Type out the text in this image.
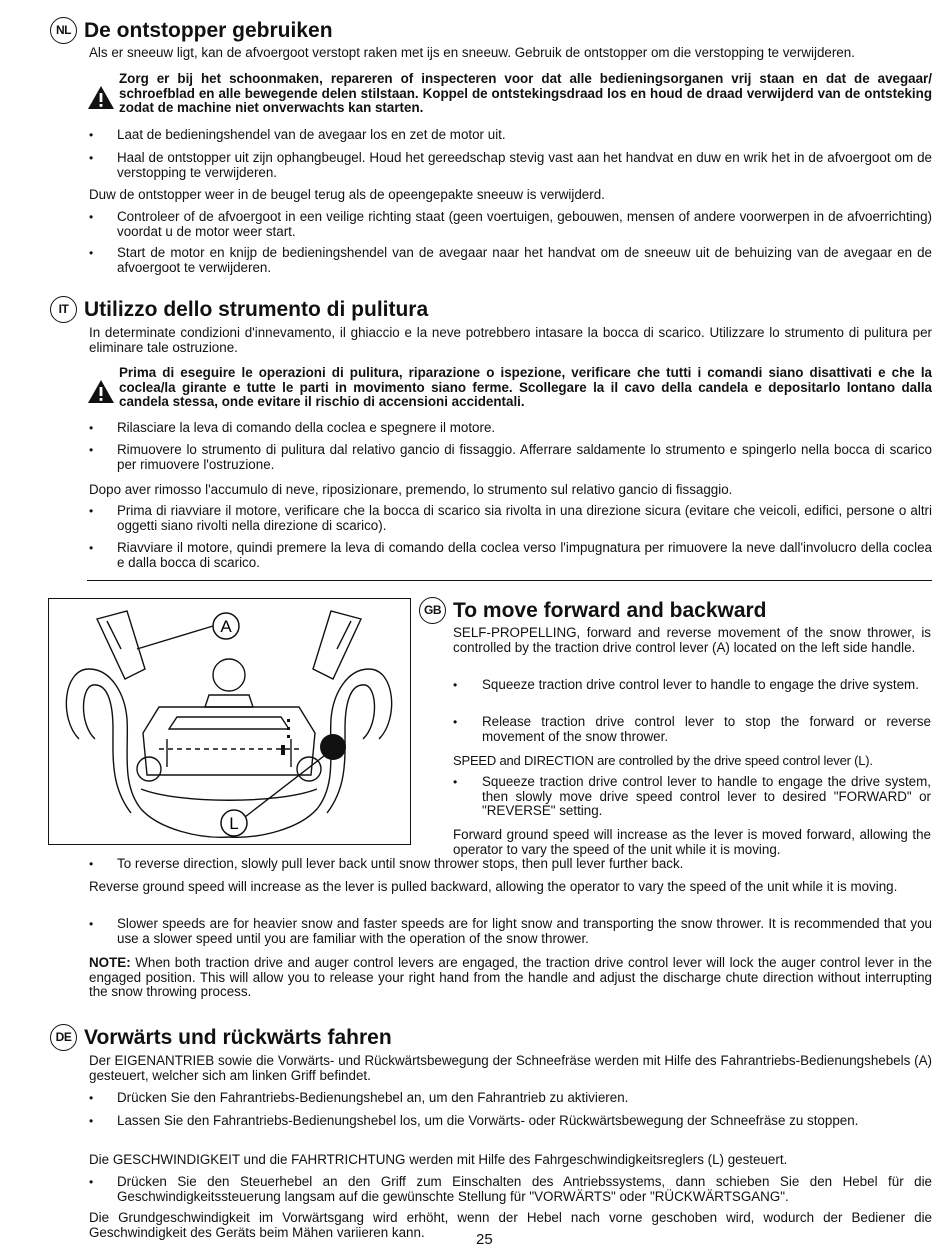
NL De ontstopper gebruiken
Als er sneeuw ligt, kan de afvoergoot verstopt raken met ijs en sneeuw. Gebruik de ontstopper om die verstopping te verwijderen.
Zorg er bij het schoonmaken, repareren of inspecteren voor dat alle bedieningsorganen vrij staan en dat de avegaar/ schroefblad en alle bewegende delen stilstaan. Koppel de ontstekingsdraad los en houd de draad verwijderd van de ontsteking zodat de machine niet onverwachts kan starten.
• Laat de bedieningshendel van de avegaar los en zet de motor uit.
• Haal de ontstopper uit zijn ophangbeugel. Houd het gereedschap stevig vast aan het handvat en duw en wrik het in de afvoergoot om de verstopping te verwijderen.
Duw de ontstopper weer in de beugel terug als de opeengepakte sneeuw is verwijderd.
• Controleer of de afvoergoot in een veilige richting staat (geen voertuigen, gebouwen, mensen of andere voorwerpen in de afvoerrichting) voordat u de motor weer start.
• Start de motor en knijp de bedieningshendel van de avegaar naar het handvat om de sneeuw uit de behuizing van de avegaar en de afvoergoot te verwijderen.
IT Utilizzo dello strumento di pulitura
In determinate condizioni d'innevamento, il ghiaccio e la neve potrebbero intasare la bocca di scarico. Utilizzare lo strumento di pulitura per eliminare tale ostruzione.
Prima di eseguire le operazioni di pulitura, riparazione o ispezione, verificare che tutti i comandi siano disattivati e che la coclea/la girante e tutte le parti in movimento siano ferme. Scollegare la il cavo della candela e depositarlo lontano dalla candela stessa, onde evitare il rischio di accensioni accidentali.
• Rilasciare la leva di comando della coclea e spegnere il motore.
• Rimuovere lo strumento di pulitura dal relativo gancio di fissaggio. Afferrare saldamente lo strumento e spingerlo nella bocca di scarico per rimuovere l'ostruzione.
Dopo aver rimosso l'accumulo di neve, riposizionare, premendo, lo strumento sul relativo gancio di fissaggio.
• Prima di riavviare il motore, verificare che la bocca di scarico sia rivolta in una direzione sicura (evitare che veicoli, edifici, persone o altri oggetti siano rivolti nella direzione di scarico).
• Riavviare il motore, quindi premere la leva di comando della coclea verso l'impugnatura per rimuovere la neve dall'involucro della coclea e dalla bocca di scarico.
A
L
GB To move forward and backward
SELF-PROPELLING, forward and reverse movement of the snow thrower, is controlled by the traction drive control lever (A) located on the left side handle.
• Squeeze traction drive control lever to handle to engage the drive system.
• Release traction drive control lever to stop the forward or reverse movement of the snow thrower.
SPEED and DIRECTION are controlled by the drive speed control lever (L).
• Squeeze traction drive control lever to handle to engage the drive system, then slowly move drive speed control lever to desired "FORWARD" or "REVERSE" setting.
Forward ground speed will increase as the lever is moved forward, allowing the operator to vary the speed of the unit while it is moving.
• To reverse direction, slowly pull lever back until snow thrower stops, then pull lever further back.
Reverse ground speed will increase as the lever is pulled backward, allowing the operator to vary the speed of the unit while it is moving.
• Slower speeds are for heavier snow and faster speeds are for light snow and transporting the snow thrower. It is recommended that you use a slower speed until you are familiar with the operation of the snow thrower.
NOTE: When both traction drive and auger control levers are engaged, the traction drive control lever will lock the auger control lever in the engaged position. This will allow you to release your right hand from the handle and adjust the discharge chute direction without interrupting the snow throwing process.
DE Vorwärts und rückwärts fahren
Der EIGENANTRIEB sowie die Vorwärts- und Rückwärtsbewegung der Schneefräse werden mit Hilfe des Fahrantriebs-Bedienungshebels (A) gesteuert, welcher sich am linken Griff befindet.
• Drücken Sie den Fahrantriebs-Bedienungshebel an, um den Fahrantrieb zu aktivieren.
• Lassen Sie den Fahrantriebs-Bedienungshebel los, um die Vorwärts- oder Rückwärtsbewegung der Schneefräse zu stoppen.
Die GESCHWINDIGKEIT und die FAHRTRICHTUNG werden mit Hilfe des Fahrgeschwindigkeitsreglers (L) gesteuert.
• Drücken Sie den Steuerhebel an den Griff zum Einschalten des Antriebssystems, dann schieben Sie den Hebel für die Geschwindigkeitssteuerung langsam auf die gewünschte Stellung für "VORWÄRTS" oder "RÜCKWÄRTSGANG".
Die Grundgeschwindigkeit im Vorwärtsgang wird erhöht, wenn der Hebel nach vorne geschoben wird, wodurch der Bediener die Geschwindigkeit des Geräts beim Mähen variieren kann.	25
